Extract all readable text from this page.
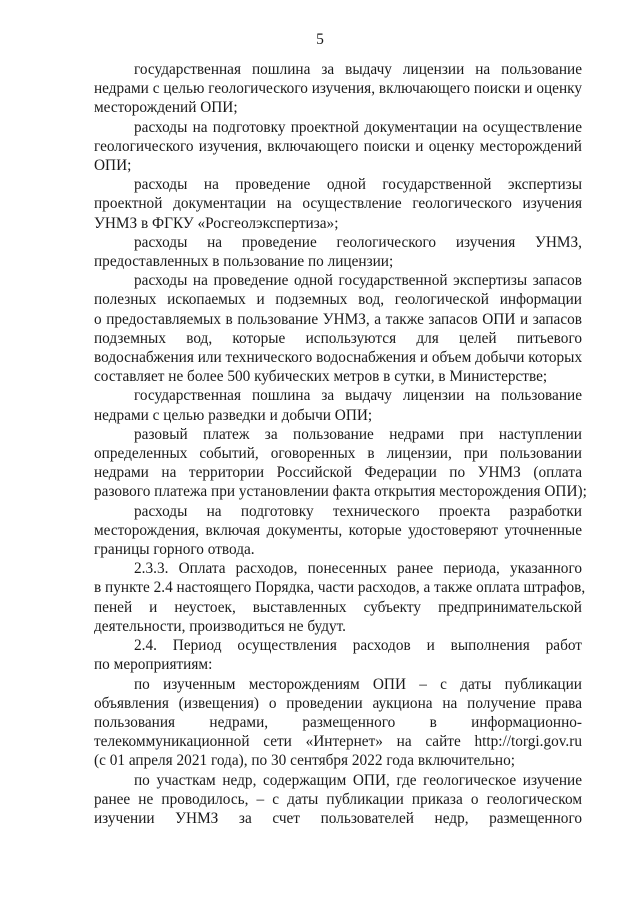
5
государственная пошлина за выдачу лицензии на пользование
недрами с целью геологического изучения, включающего поиски и оценку
месторождений ОПИ;
расходы на подготовку проектной документации на осуществление
геологического изучения, включающего поиски и оценку месторождений
ОПИ;
расходы на проведение одной государственной экспертизы
проектной документации на осуществление геологического изучения
УНМЗ в ФГКУ «Росгеолэкспертиза»;
расходы на проведение геологического изучения УНМЗ,
предоставленных в пользование по лицензии;
расходы на проведение одной государственной экспертизы запасов
полезных ископаемых и подземных вод, геологической информации
о предоставляемых в пользование УНМЗ, а также запасов ОПИ и запасов
подземных вод, которые используются для целей питьевого
водоснабжения или технического водоснабжения и объем добычи которых
составляет не более 500 кубических метров в сутки, в Министерстве;
государственная пошлина за выдачу лицензии на пользование
недрами с целью разведки и добычи ОПИ;
разовый платеж за пользование недрами при наступлении
определенных событий, оговоренных в лицензии, при пользовании
недрами на территории Российской Федерации по УНМЗ (оплата
разового платежа при установлении факта открытия месторождения ОПИ);
расходы на подготовку технического проекта разработки
месторождения, включая документы, которые удостоверяют уточненные
границы горного отвода.
2.3.3. Оплата расходов, понесенных ранее периода, указанного
в пункте 2.4 настоящего Порядка, части расходов, а также оплата штрафов,
пеней и неустоек, выставленных субъекту предпринимательской
деятельности, производиться не будут.
2.4. Период осуществления расходов и выполнения работ
по мероприятиям:
по изученным месторождениям ОПИ – с даты публикации
объявления (извещения) о проведении аукциона на получение права
пользования недрами, размещенного в информационно-
телекоммуникационной сети «Интернет» на сайте http://torgi.gov.ru
(с 01 апреля 2021 года), по 30 сентября 2022 года включительно;
по участкам недр, содержащим ОПИ, где геологическое изучение
ранее не проводилось, – с даты публикации приказа о геологическом
изучении УНМЗ за счет пользователей недр, размещенного
